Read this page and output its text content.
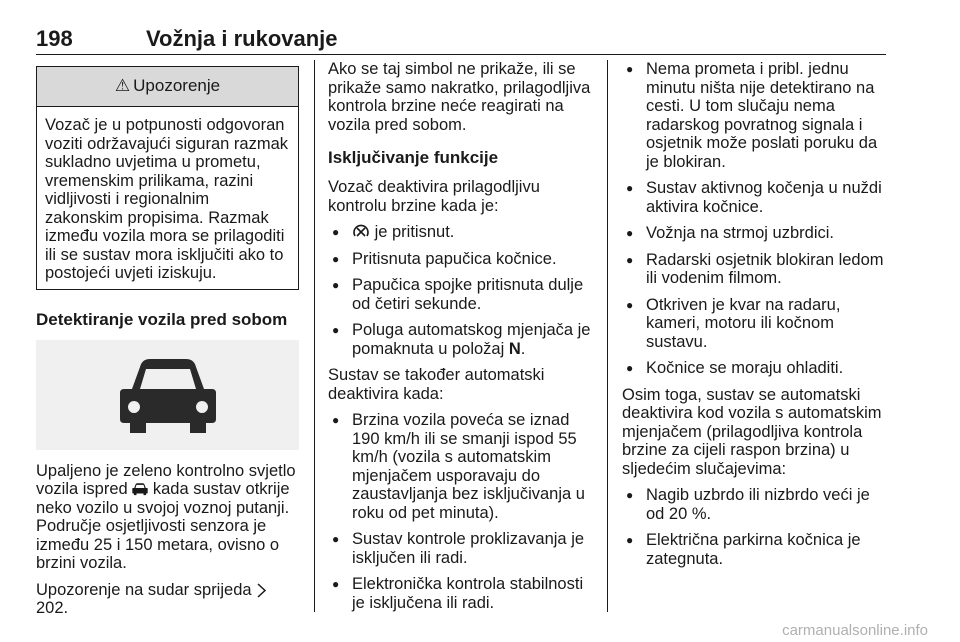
198	Vožnja i rukovanje
⚠ Upozorenje
Vozač je u potpunosti odgovoran voziti održavajući siguran razmak sukladno uvjetima u prometu, vremenskim prilikama, razini vidljivosti i regionalnim zakonskim propisima. Razmak između vozila mora se prilagoditi ili se sustav mora isključiti ako to postojeći uvjeti iziskuju.
Detektiranje vozila pred sobom

Upaljeno je zeleno kontrolno svjetlo vozila ispred  kada sustav otkrije neko vozilo u svojoj voznoj putanji. Područje osjetljivosti senzora je između 25 i 150 metara, ovisno o brzini vozila.

Upozorenje na sudar sprijeda 202.

Ako se taj simbol ne prikaže, ili se prikaže samo nakratko, prilagodljiva kontrola brzine neće reagirati na vozila pred sobom.

Isključivanje funkcije

Vozač deaktivira prilagodljivu kontrolu brzine kada je:

● je pritisnut.
● Pritisnuta papučica kočnice.
● Papučica spojke pritisnuta dulje od četiri sekunde.
● Poluga automatskog mjenjača je pomaknuta u položaj N.

Sustav se također automatski deaktivira kada:

● Brzina vozila poveća se iznad 190 km/h ili se smanji ispod 55 km/h (vozila s automatskim mjenjačem usporavaju do zaustavljanja bez isključivanja u roku od pet minuta).
● Sustav kontrole proklizavanja je isključen ili radi.
● Elektronička kontrola stabilnosti je isključena ili radi.
● Nema prometa i pribl. jednu minutu ništa nije detektirano na cesti. U tom slučaju nema radarskog povratnog signala i osjetnik može poslati poruku da je blokiran.
● Sustav aktivnog kočenja u nuždi aktivira kočnice.
● Vožnja na strmoj uzbrdici.
● Radarski osjetnik blokiran ledom ili vodenim filmom.
● Otkriven je kvar na radaru, kameri, motoru ili kočnom sustavu.
● Kočnice se moraju ohladiti.

Osim toga, sustav se automatski deaktivira kod vozila s automatskim mjenjačem (prilagodljiva kontrola brzine za cijeli raspon brzina) u sljedećim slučajevima:

● Nagib uzbrdo ili nizbrdo veći je od 20 %.
● Električna parkirna kočnica je zategnuta.
carmanualsonline.info
